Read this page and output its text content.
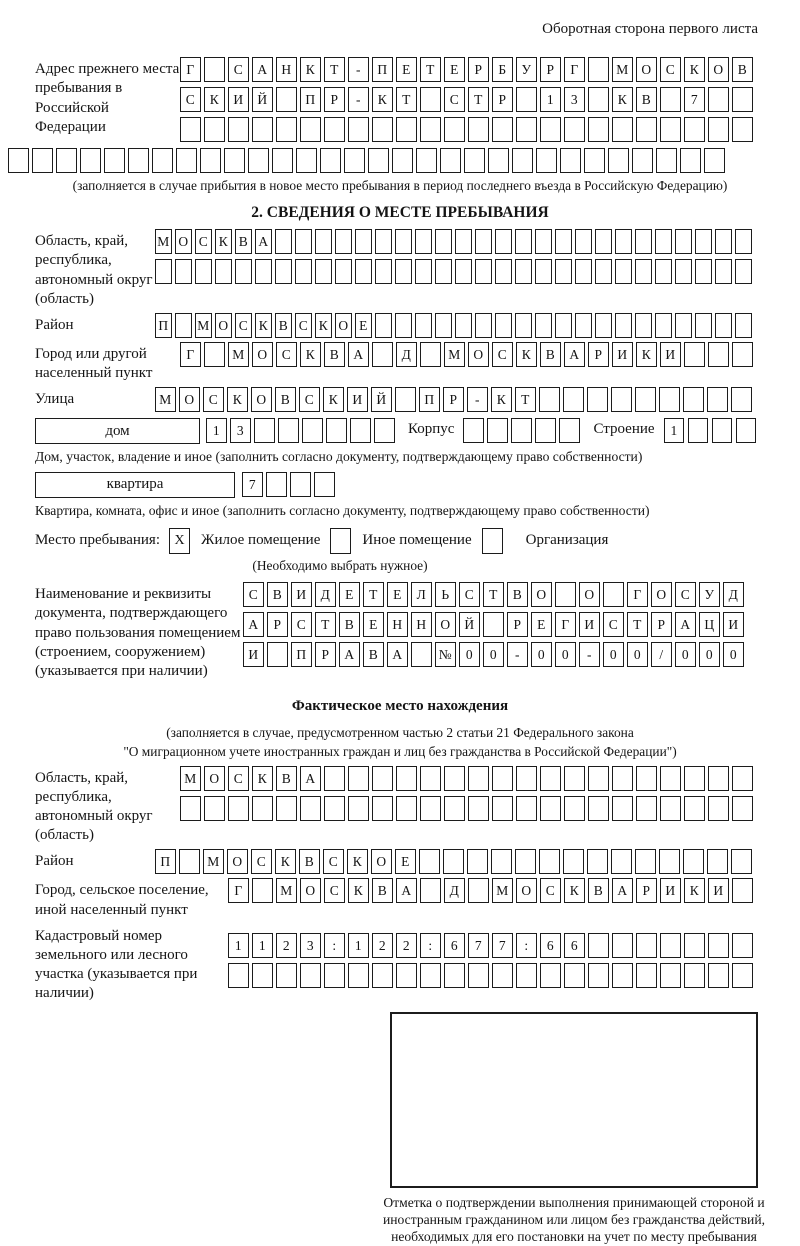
Оборотная сторона первого листа
Адрес прежнего места пребывания в Российской Федерации
Г	С	А	Н	К	Т	-	П	Е	Т	Е	Р	Б	У	Р	Г	М О	С	К	О	В
С	К	И	Й	П	Р	-	К	Т	С	Т	Р	1	3	К	В	7
(заполняется в случае прибытия в новое место пребывания в период последнего въезда в Российскую Федерацию)
2. СВЕДЕНИЯ О МЕСТЕ ПРЕБЫВАНИЯ
Область, край, республика, автономный округ (область)
М О С К В А
Район	П М О С К В С К О Е
Город или другой населенный пункт
Г	М О	С	К	В	А	Д	М О	С	К	В	А	Р	И	К	И
Улица	М О	С	К	О	В	С	К	И	Й	П	Р	-	К	Т
дом	1	3	Корпус	Строение	1
Дом, участок, владение и иное (заполнить согласно документу, подтверждающему право собственности)
квартира	7
Квартира, комната, офис и иное (заполнить согласно документу, подтверждающему право собственности)
Место пребывания:	X	Жилое помещение	Иное помещение	Организация
(Необходимо выбрать нужное)
Наименование и реквизиты документа, подтверждающего право пользования помещением (строением, сооружением) (указывается при наличии)
С	В	И	Д	Е	Т	Е	Л	Ь	С	Т	В	О	О	Г	О	С	У	Д
А	Р	С	Т	В	Е	Н	Н	О	Й	Р	Е	Г	И	С	Т	Р	А	Ц	И
И	П	Р	А	В	А	№	0	0	-	0	0	-	0	0	/	0	0	0
Фактическое место нахождения
(заполняется в случае, предусмотренном частью 2 статьи 21 Федерального закона
"О миграционном учете иностранных граждан и лиц без гражданства в Российской Федерации")
Область, край, республика, автономный округ (область)
М О	С	К	В	А
Район	П	М О	С	К	В	С	К	О	Е
Город, сельское поселение, иной населенный пункт
Г	М О	С	К	В	А	Д	М О	С	К	В	А	Р	И	К	И
Кадастровый номер земельного или лесного участка (указывается при наличии)
1	1	2	3	:	1	2	2	:	6	7	7	:	6	6
Отметка о подтверждении выполнения принимающей стороной и иностранным гражданином или лицом без гражданства действий, необходимых для его постановки на учет по месту пребывания
